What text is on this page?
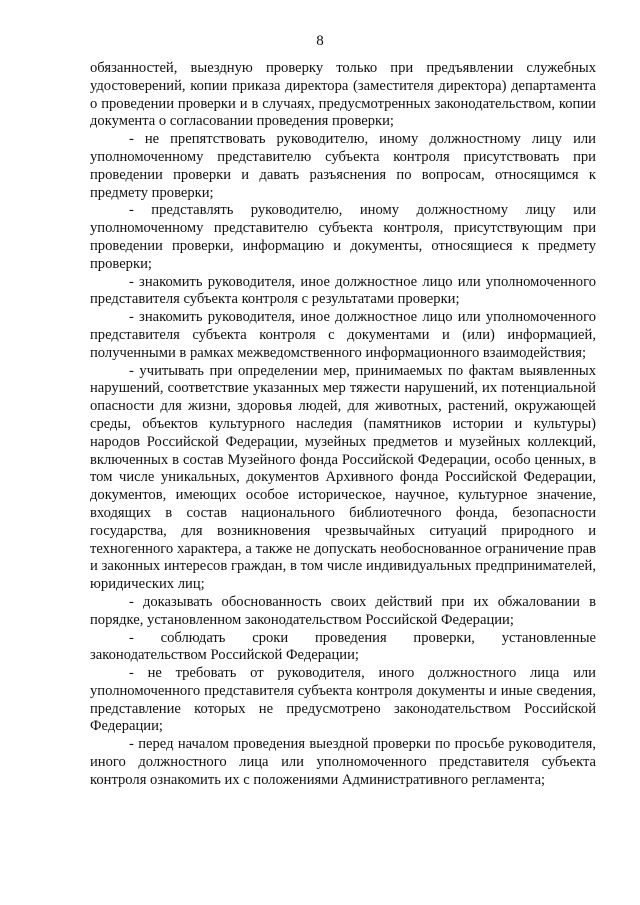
8

обязанностей, выездную проверку только при предъявлении служебных удостоверений, копии приказа директора (заместителя директора) департамента о проведении проверки и в случаях, предусмотренных законодательством, копии документа о согласовании проведения проверки;

- не препятствовать руководителю, иному должностному лицу или уполномоченному представителю субъекта контроля присутствовать при проведении проверки и давать разъяснения по вопросам, относящимся к предмету проверки;

- представлять руководителю, иному должностному лицу или уполномоченному представителю субъекта контроля, присутствующим при проведении проверки, информацию и документы, относящиеся к предмету проверки;

- знакомить руководителя, иное должностное лицо или уполномоченного представителя субъекта контроля с результатами проверки;

- знакомить руководителя, иное должностное лицо или уполномоченного представителя субъекта контроля с документами и (или) информацией, полученными в рамках межведомственного информационного взаимодействия;

- учитывать при определении мер, принимаемых по фактам выявленных нарушений, соответствие указанных мер тяжести нарушений, их потенциальной опасности для жизни, здоровья людей, для животных, растений, окружающей среды, объектов культурного наследия (памятников истории и культуры) народов Российской Федерации, музейных предметов и музейных коллекций, включенных в состав Музейного фонда Российской Федерации, особо ценных, в том числе уникальных, документов Архивного фонда Российской Федерации, документов, имеющих особое историческое, научное, культурное значение, входящих в состав национального библиотечного фонда, безопасности государства, для возникновения чрезвычайных ситуаций природного и техногенного характера, а также не допускать необоснованное ограничение прав и законных интересов граждан, в том числе индивидуальных предпринимателей, юридических лиц;

- доказывать обоснованность своих действий при их обжаловании в порядке, установленном законодательством Российской Федерации;

- соблюдать сроки проведения проверки, установленные законодательством Российской Федерации;

- не требовать от руководителя, иного должностного лица или уполномоченного представителя субъекта контроля документы и иные сведения, представление которых не предусмотрено законодательством Российской Федерации;

- перед началом проведения выездной проверки по просьбе руководителя, иного должностного лица или уполномоченного представителя субъекта контроля ознакомить их с положениями Административного регламента;
